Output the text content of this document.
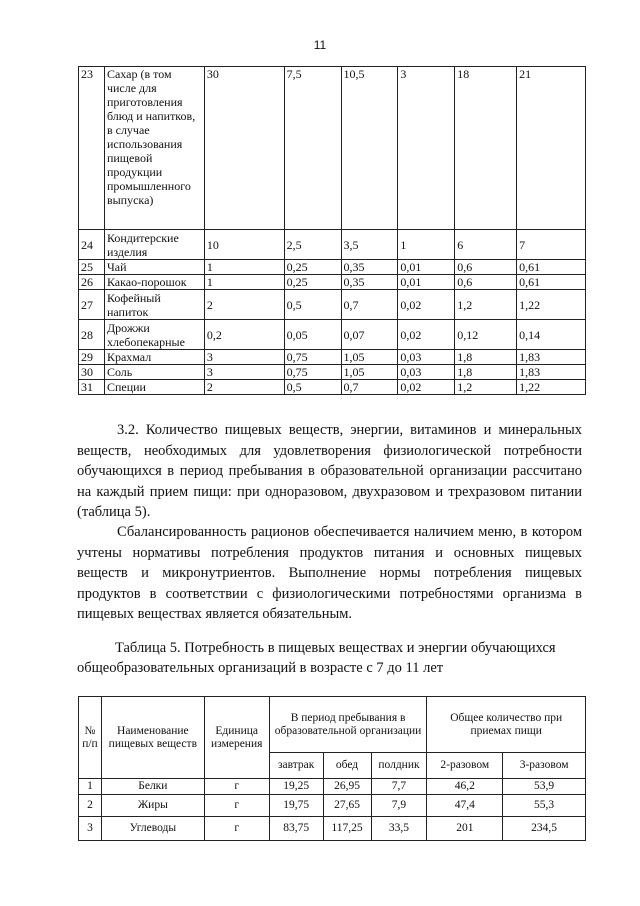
11
23	Сахар (в том числе для приготовления блюд и напитков, в случае использования пищевой продукции промышленного выпуска)	30	7,5	10,5	3	18	21
24	Кондитерские изделия	10	2,5	3,5	1	6	7
25	Чай	1	0,25	0,35	0,01	0,6	0,61
26	Какао-порошок	1	0,25	0,35	0,01	0,6	0,61
27	Кофейный напиток	2	0,5	0,7	0,02	1,2	1,22
28	Дрожжи хлебопекарные	0,2	0,05	0,07	0,02	0,12	0,14
29	Крахмал	3	0,75	1,05	0,03	1,8	1,83
30	Соль	3	0,75	1,05	0,03	1,8	1,83
31	Специи	2	0,5	0,7	0,02	1,2	1,22

3.2. Количество пищевых веществ, энергии, витаминов и минеральных веществ, необходимых для удовлетворения физиологической потребности обучающихся в период пребывания в образовательной организации рассчитано на каждый прием пищи: при одноразовом, двухразовом и трехразовом питании (таблица 5).

Сбалансированность рационов обеспечивается наличием меню, в котором учтены нормативы потребления продуктов питания и основных пищевых веществ и микронутриентов. Выполнение нормы потребления пищевых продуктов в соответствии с физиологическими потребностями организма в пищевых веществах является обязательным.

Таблица 5. Потребность в пищевых веществах и энергии обучающихся
общеобразовательных организаций в возрасте с 7 до 11 лет
№ п/п	Наименование пищевых веществ	Единица измерения	В период пребывания в образовательной организации			Общее количество при приемах пищи	
			завтрак	обед	полдник	2-разовом	3-разовом
1	Белки	г	19,25	26,95	7,7	46,2	53,9
2	Жиры	г	19,75	27,65	7,9	47,4	55,3
3	Углеводы	г	83,75	117,25	33,5	201	234,5
